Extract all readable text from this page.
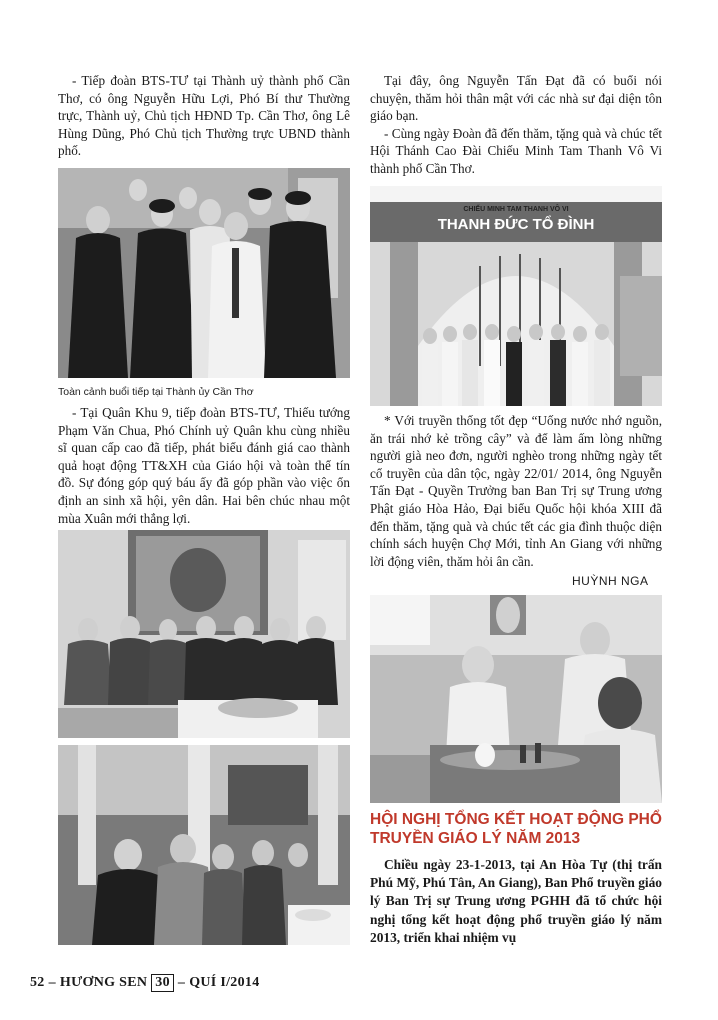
- Tiếp đoàn BTS-TƯ tại Thành uỷ thành phố Cần Thơ, có ông Nguyễn Hữu Lợi, Phó Bí thư Thường trực, Thành uỷ, Chủ tịch HĐND Tp. Cần Thơ, ông Lê Hùng Dũng, Phó Chủ tịch Thường trực UBND thành phố.

Toàn cảnh buổi tiếp tại Thành ủy Cần Thơ

- Tại Quân Khu 9, tiếp đoàn BTS-TƯ, Thiếu tướng Phạm Văn Chua, Phó Chính uỷ Quân khu cùng nhiều sĩ quan cấp cao đã tiếp, phát biểu đánh giá cao thành quả hoạt động TT&XH của Giáo hội và toàn thể tín đồ. Sự đóng góp quý báu ấy đã góp phần vào việc ổn định an sinh xã hội, yên dân. Hai bên chúc nhau một mùa Xuân mới thắng lợi.

Tại đây, ông Nguyễn Tấn Đạt đã có buổi nói chuyện, thăm hỏi thân mật với các nhà sư đại diện tôn giáo bạn.

- Cùng ngày Đoàn đã đến thăm, tặng quà và chúc tết Hội Thánh Cao Đài Chiếu Minh Tam Thanh Vô Vi thành phố Cần Thơ.

CHIẾU MINH TAM THANH VÔ VI
THANH ĐỨC TỔ ĐÌNH

* Với truyền thống tốt đẹp “Uống nước nhớ nguồn, ăn trái nhớ kẻ trồng cây” và để làm ấm lòng những người già neo đơn, người nghèo trong những ngày tết cổ truyền của dân tộc, ngày 22/01/ 2014, ông Nguyễn Tấn Đạt - Quyền Trưởng ban Ban Trị sự Trung ương Phật giáo Hòa Hảo, Đại biểu Quốc hội khóa XIII đã đến thăm, tặng quà và chúc tết các gia đình thuộc diện chính sách huyện Chợ Mới, tỉnh An Giang với những lời động viên, thăm hỏi ân cần.

HUỲNH NGA
HỘI NGHỊ TỔNG KẾT HOẠT ĐỘNG PHỔ TRUYỀN GIÁO LÝ NĂM 2013

Chiều ngày 23-1-2013, tại An Hòa Tự (thị trấn Phú Mỹ, Phú Tân, An Giang), Ban Phổ truyền giáo lý Ban Trị sự Trung ương PGHH đã tổ chức hội nghị tổng kết hoạt động phổ truyền giáo lý năm 2013, triển khai nhiệm vụ

52 – HƯƠNG SEN 30 – QUÍ I/2014
